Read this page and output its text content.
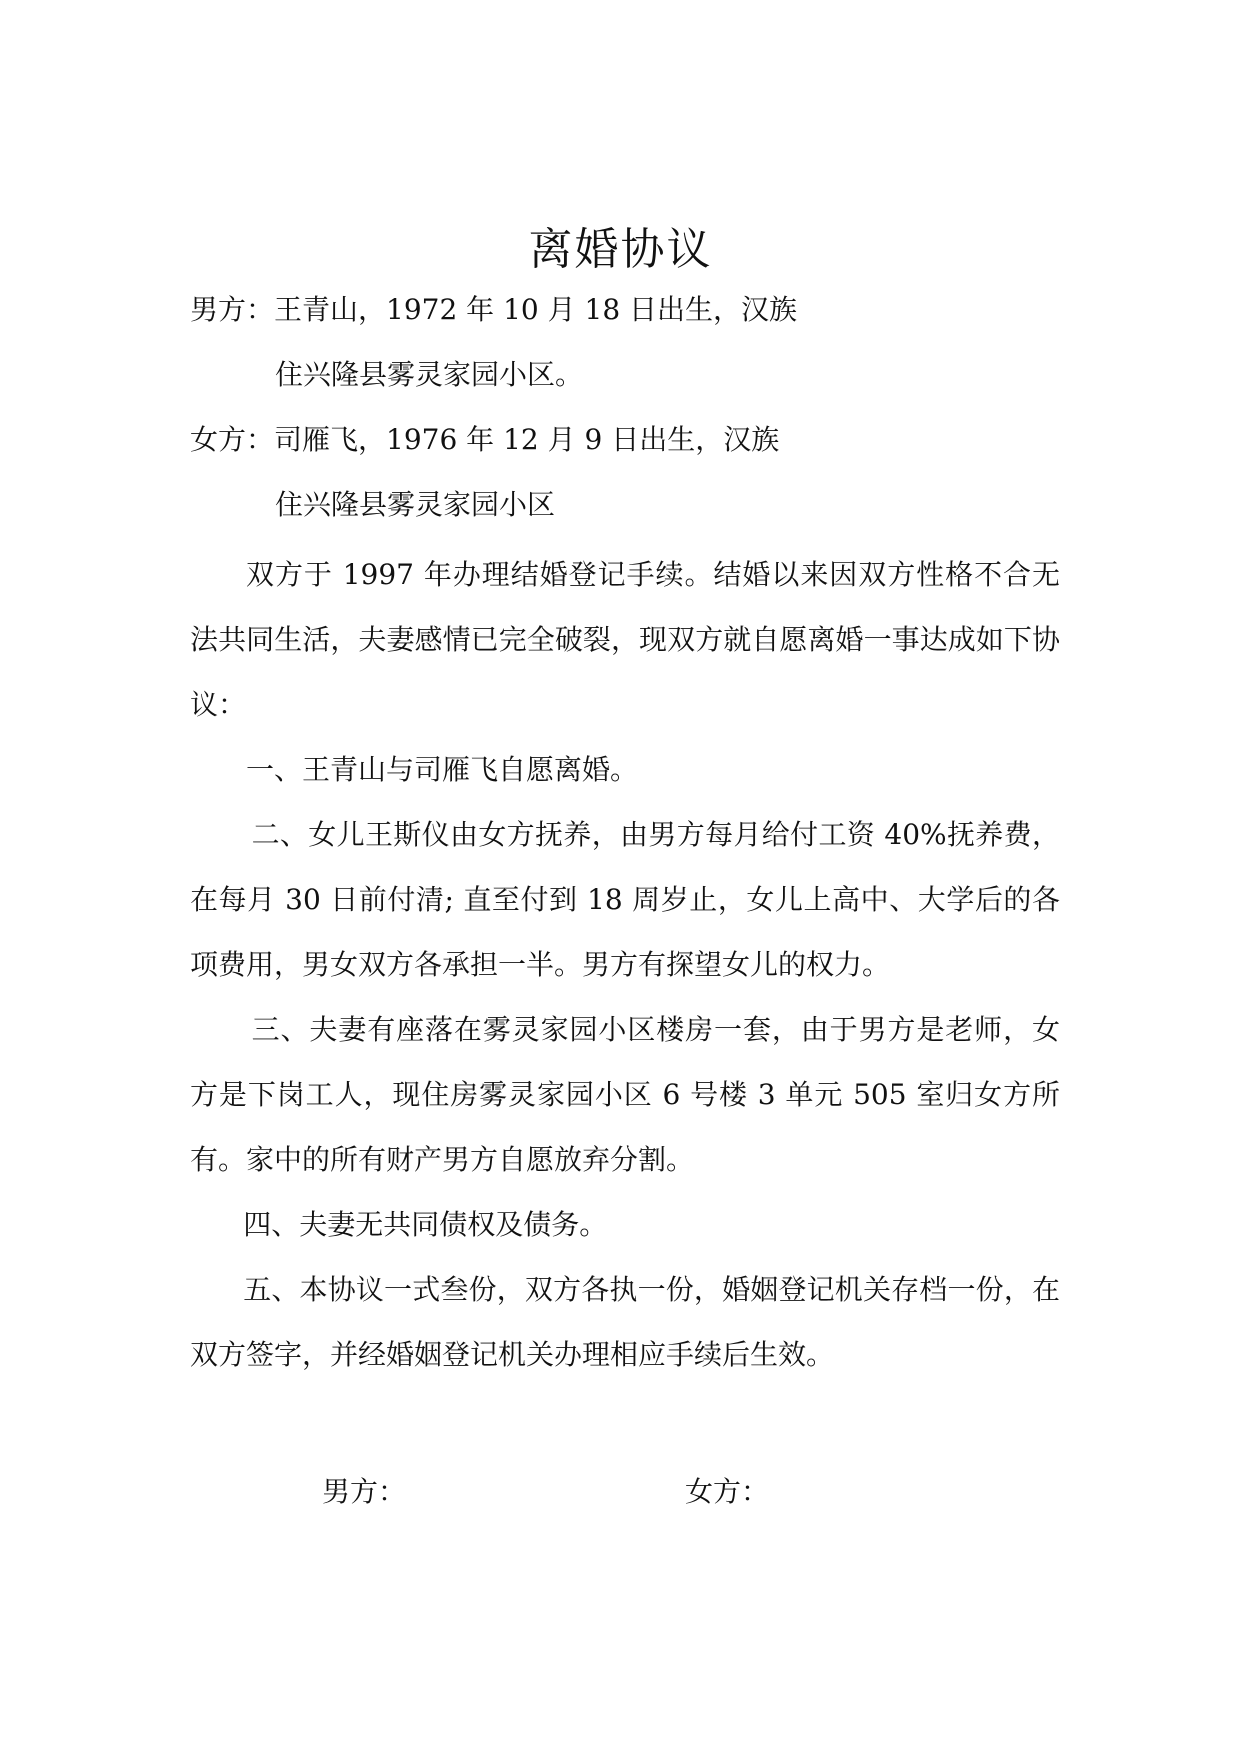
离婚协议
男方：王青山，1972 年 10 月 18 日出生，汉族
住兴隆县雾灵家园小区。
女方：司雁飞，1976 年 12 月 9 日出生，汉族
住兴隆县雾灵家园小区

双方于 1997 年办理结婚登记手续。结婚以来因双方性格不合无法共同生活，夫妻感情已完全破裂，现双方就自愿离婚一事达成如下协议：

一、王青山与司雁飞自愿离婚。

二、女儿王斯仪由女方抚养，由男方每月给付工资 40%抚养费，在每月 30 日前付清; 直至付到 18 周岁止，女儿上高中、大学后的各项费用，男女双方各承担一半。男方有探望女儿的权力。

三、夫妻有座落在雾灵家园小区楼房一套，由于男方是老师，女方是下岗工人，现住房雾灵家园小区 6 号楼 3 单元 505 室归女方所有。家中的所有财产男方自愿放弃分割。

四、夫妻无共同债权及债务。

五、本协议一式叁份，双方各执一份，婚姻登记机关存档一份，在双方签字，并经婚姻登记机关办理相应手续后生效。

男方：	女方：
